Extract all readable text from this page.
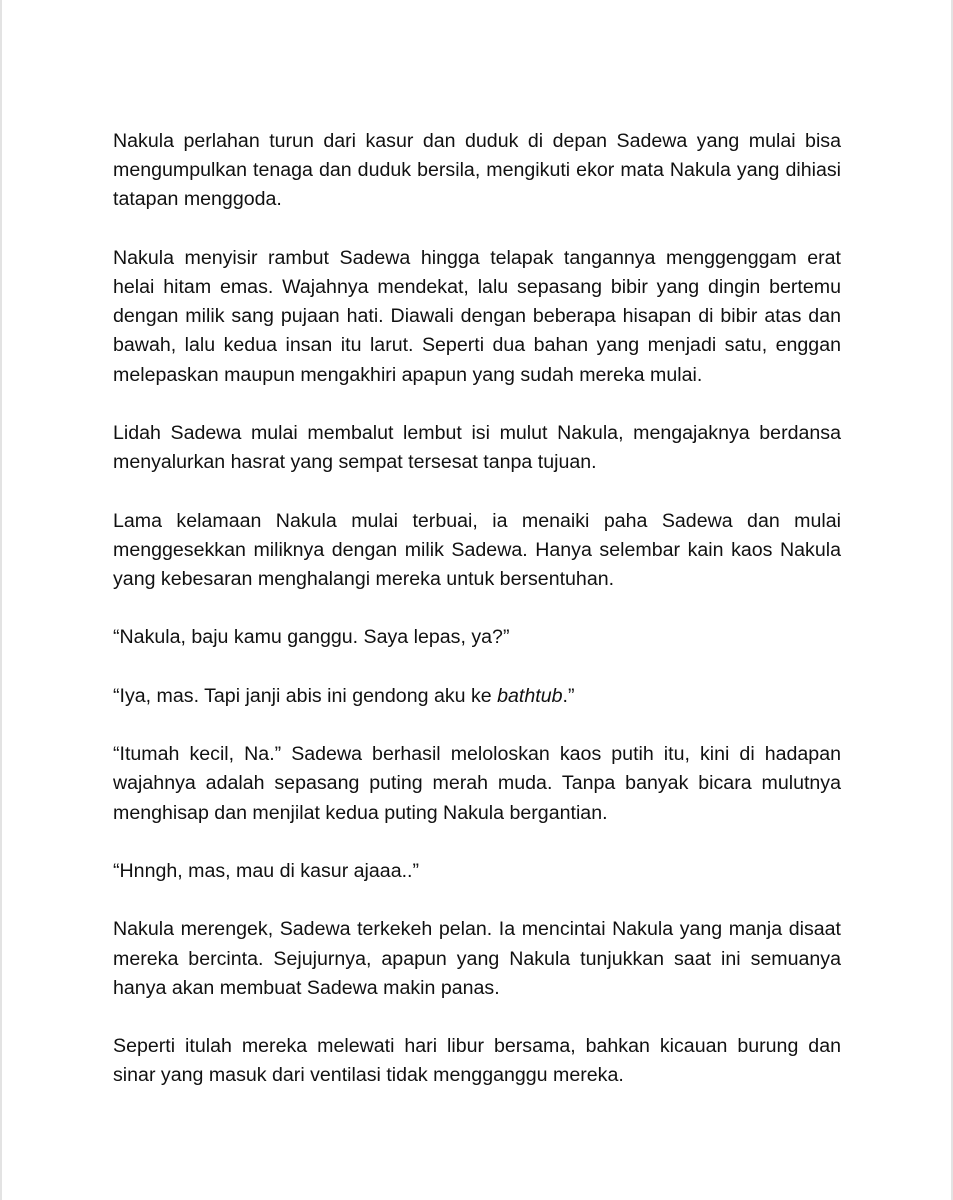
Nakula perlahan turun dari kasur dan duduk di depan Sadewa yang mulai bisa mengumpulkan tenaga dan duduk bersila, mengikuti ekor mata Nakula yang dihiasi tatapan menggoda.

Nakula menyisir rambut Sadewa hingga telapak tangannya menggenggam erat helai hitam emas. Wajahnya mendekat, lalu sepasang bibir yang dingin bertemu dengan milik sang pujaan hati. Diawali dengan beberapa hisapan di bibir atas dan bawah, lalu kedua insan itu larut. Seperti dua bahan yang menjadi satu, enggan melepaskan maupun mengakhiri apapun yang sudah mereka mulai.

Lidah Sadewa mulai membalut lembut isi mulut Nakula, mengajaknya berdansa menyalurkan hasrat yang sempat tersesat tanpa tujuan.

Lama kelamaan Nakula mulai terbuai, ia menaiki paha Sadewa dan mulai menggesekkan miliknya dengan milik Sadewa. Hanya selembar kain kaos Nakula yang kebesaran menghalangi mereka untuk bersentuhan.

“Nakula, baju kamu ganggu. Saya lepas, ya?”

“Iya, mas. Tapi janji abis ini gendong aku ke bathtub.”

“Itumah kecil, Na.” Sadewa berhasil meloloskan kaos putih itu, kini di hadapan wajahnya adalah sepasang puting merah muda. Tanpa banyak bicara mulutnya menghisap dan menjilat kedua puting Nakula bergantian.

“Hnngh, mas, mau di kasur ajaaa..”

Nakula merengek, Sadewa terkekeh pelan. Ia mencintai Nakula yang manja disaat mereka bercinta. Sejujurnya, apapun yang Nakula tunjukkan saat ini semuanya hanya akan membuat Sadewa makin panas.

Seperti itulah mereka melewati hari libur bersama, bahkan kicauan burung dan sinar yang masuk dari ventilasi tidak mengganggu mereka.
